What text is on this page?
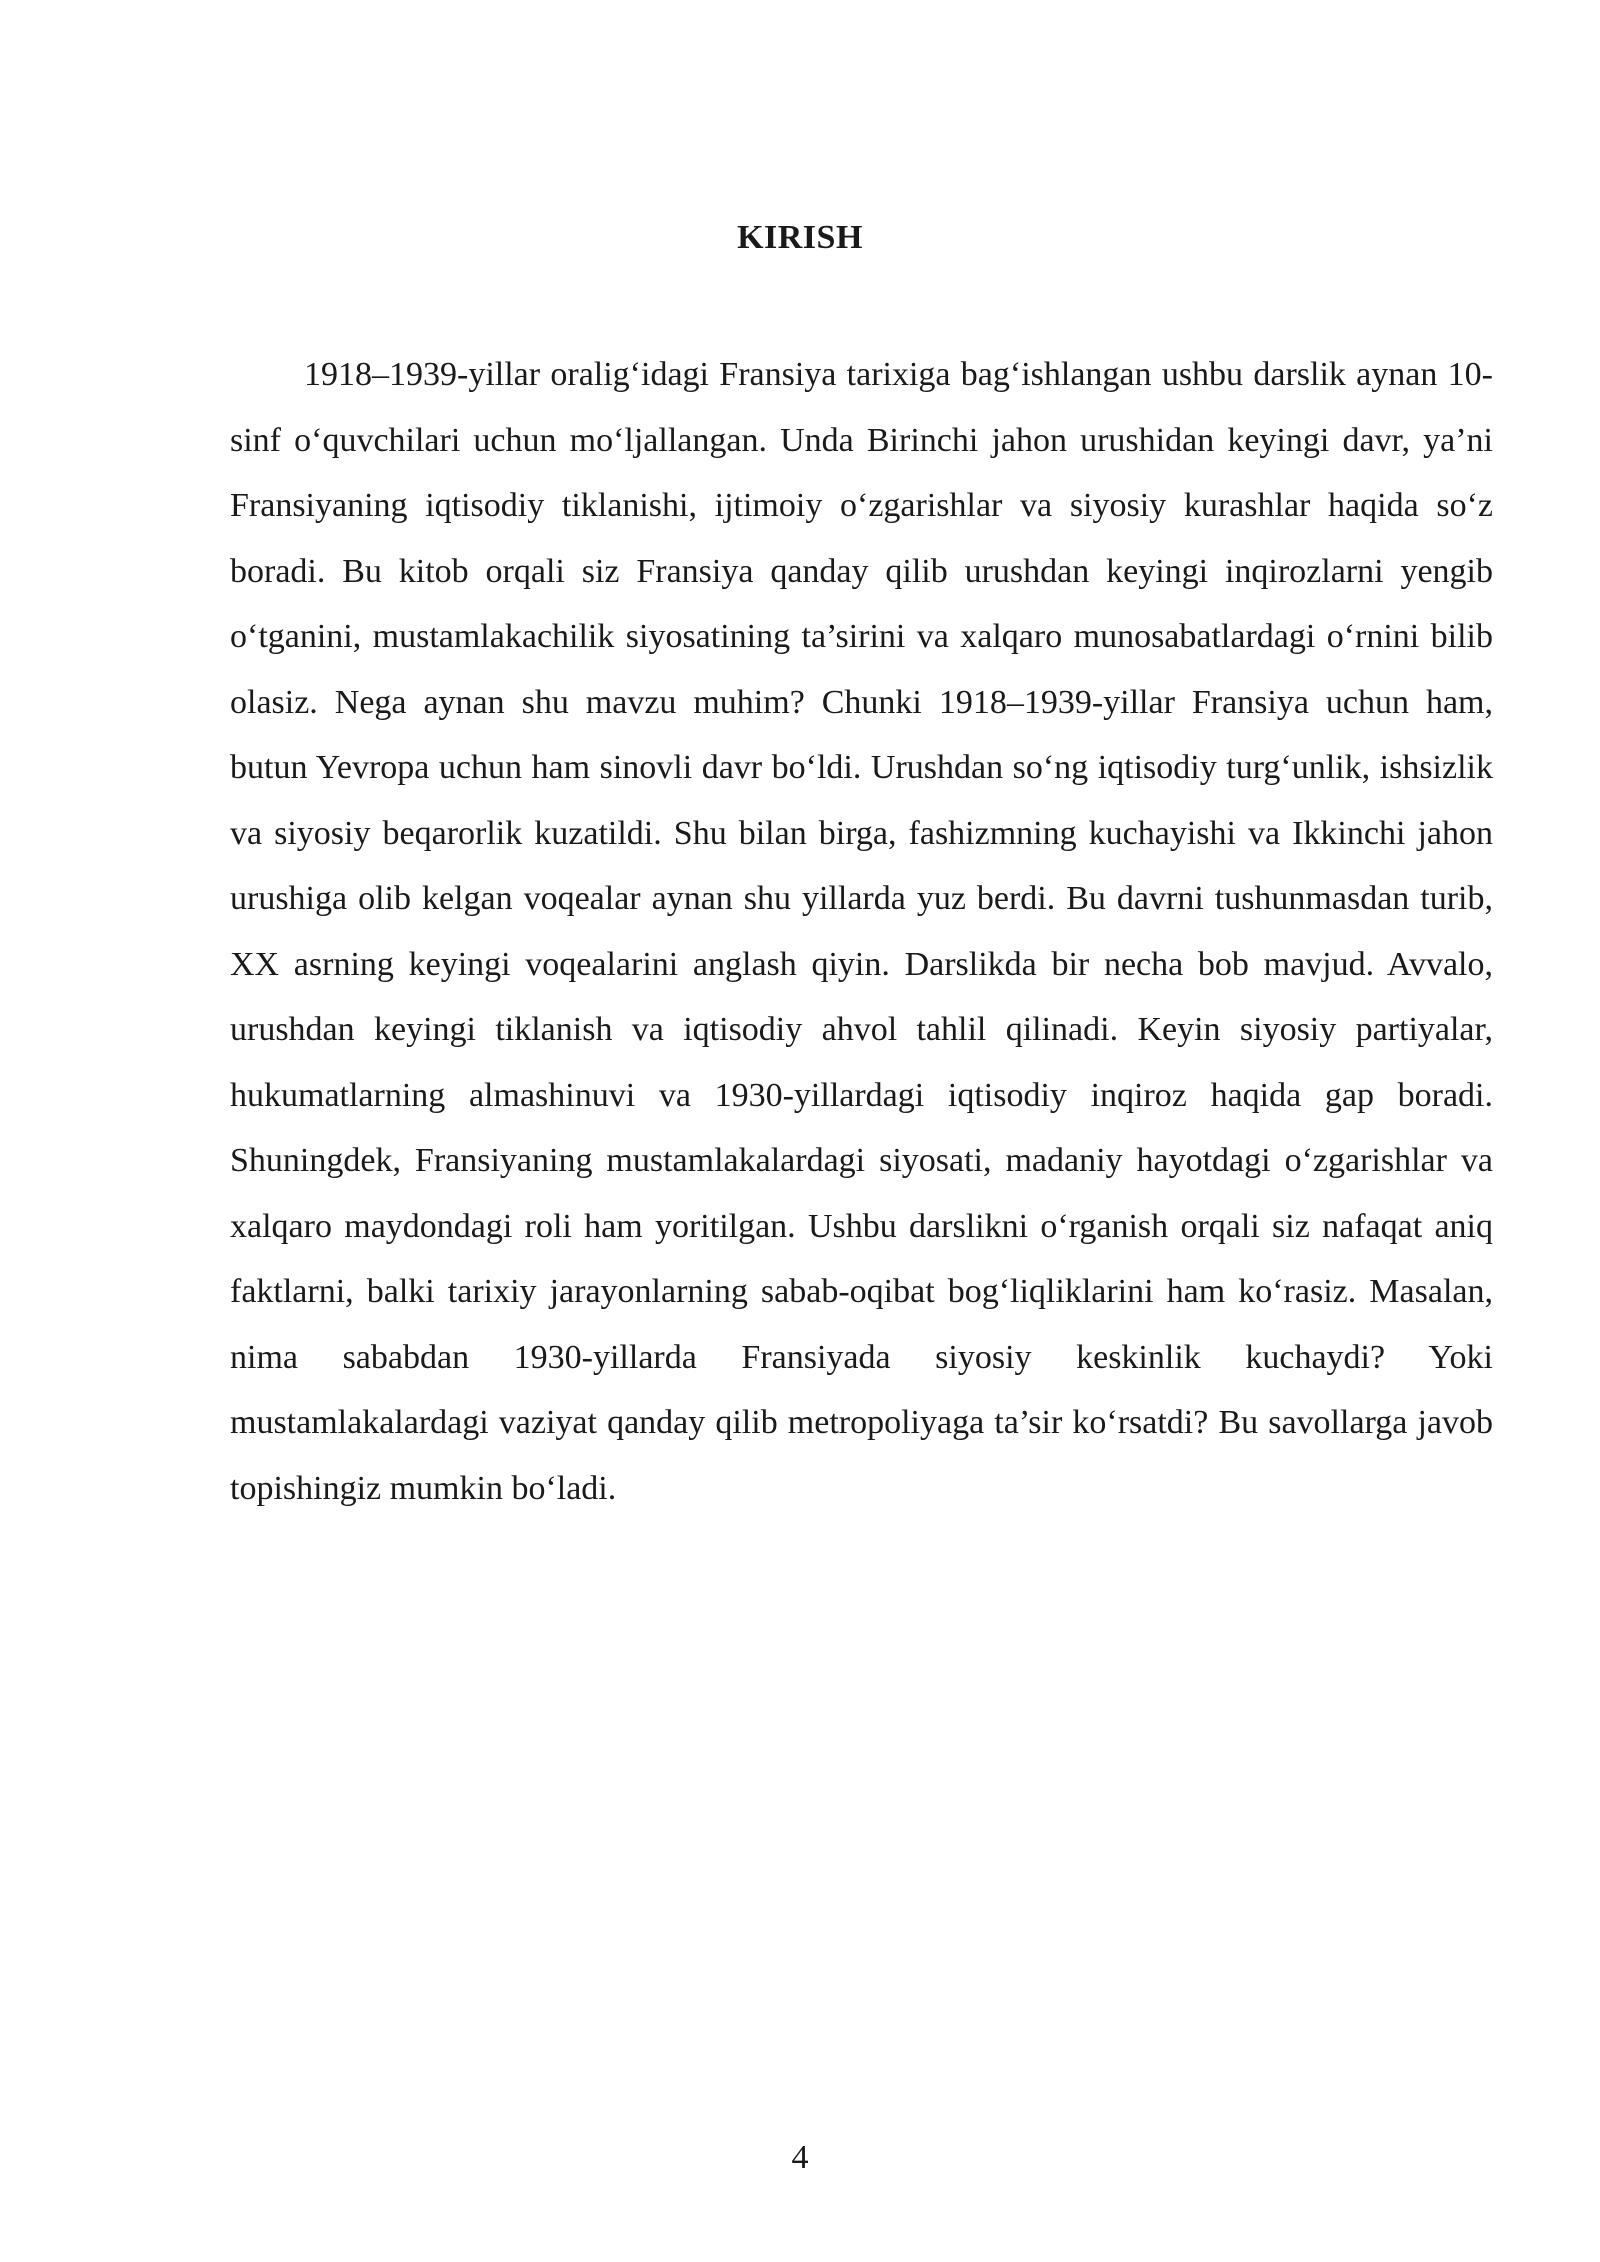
KIRISH

1918–1939-yillar oralig‘idagi Fransiya tarixiga bag‘ishlangan ushbu darslik aynan 10-sinf o‘quvchilari uchun mo‘ljallangan. Unda Birinchi jahon urushidan keyingi davr, ya’ni Fransiyaning iqtisodiy tiklanishi, ijtimoiy o‘zgarishlar va siyosiy kurashlar haqida so‘z boradi. Bu kitob orqali siz Fransiya qanday qilib urushdan keyingi inqirozlarni yengib o‘tganini, mustamlakachilik siyosatining ta’sirini va xalqaro munosabatlardagi o‘rnini bilib olasiz. Nega aynan shu mavzu muhim? Chunki 1918–1939-yillar Fransiya uchun ham, butun Yevropa uchun ham sinovli davr bo‘ldi. Urushdan so‘ng iqtisodiy turg‘unlik, ishsizlik va siyosiy beqarorlik kuzatildi. Shu bilan birga, fashizmning kuchayishi va Ikkinchi jahon urushiga olib kelgan voqealar aynan shu yillarda yuz berdi. Bu davrni tushunmasdan turib, XX asrning keyingi voqealarini anglash qiyin. Darslikda bir necha bob mavjud. Avvalo, urushdan keyingi tiklanish va iqtisodiy ahvol tahlil qilinadi. Keyin siyosiy partiyalar, hukumatlarning almashinuvi va 1930-yillardagi iqtisodiy inqiroz haqida gap boradi. Shuningdek, Fransiyaning mustamlakalardagi siyosati, madaniy hayotdagi o‘zgarishlar va xalqaro maydondagi roli ham yoritilgan. Ushbu darslikni o‘rganish orqali siz nafaqat aniq faktlarni, balki tarixiy jarayonlarning sabab-oqibat bog‘liqliklarini ham ko‘rasiz. Masalan, nima sababdan 1930-yillarda Fransiyada siyosiy keskinlik kuchaydi? Yoki mustamlakalardagi vaziyat qanday qilib metropoliyaga ta’sir ko‘rsatdi? Bu savollarga javob topishingiz mumkin bo‘ladi.

4
